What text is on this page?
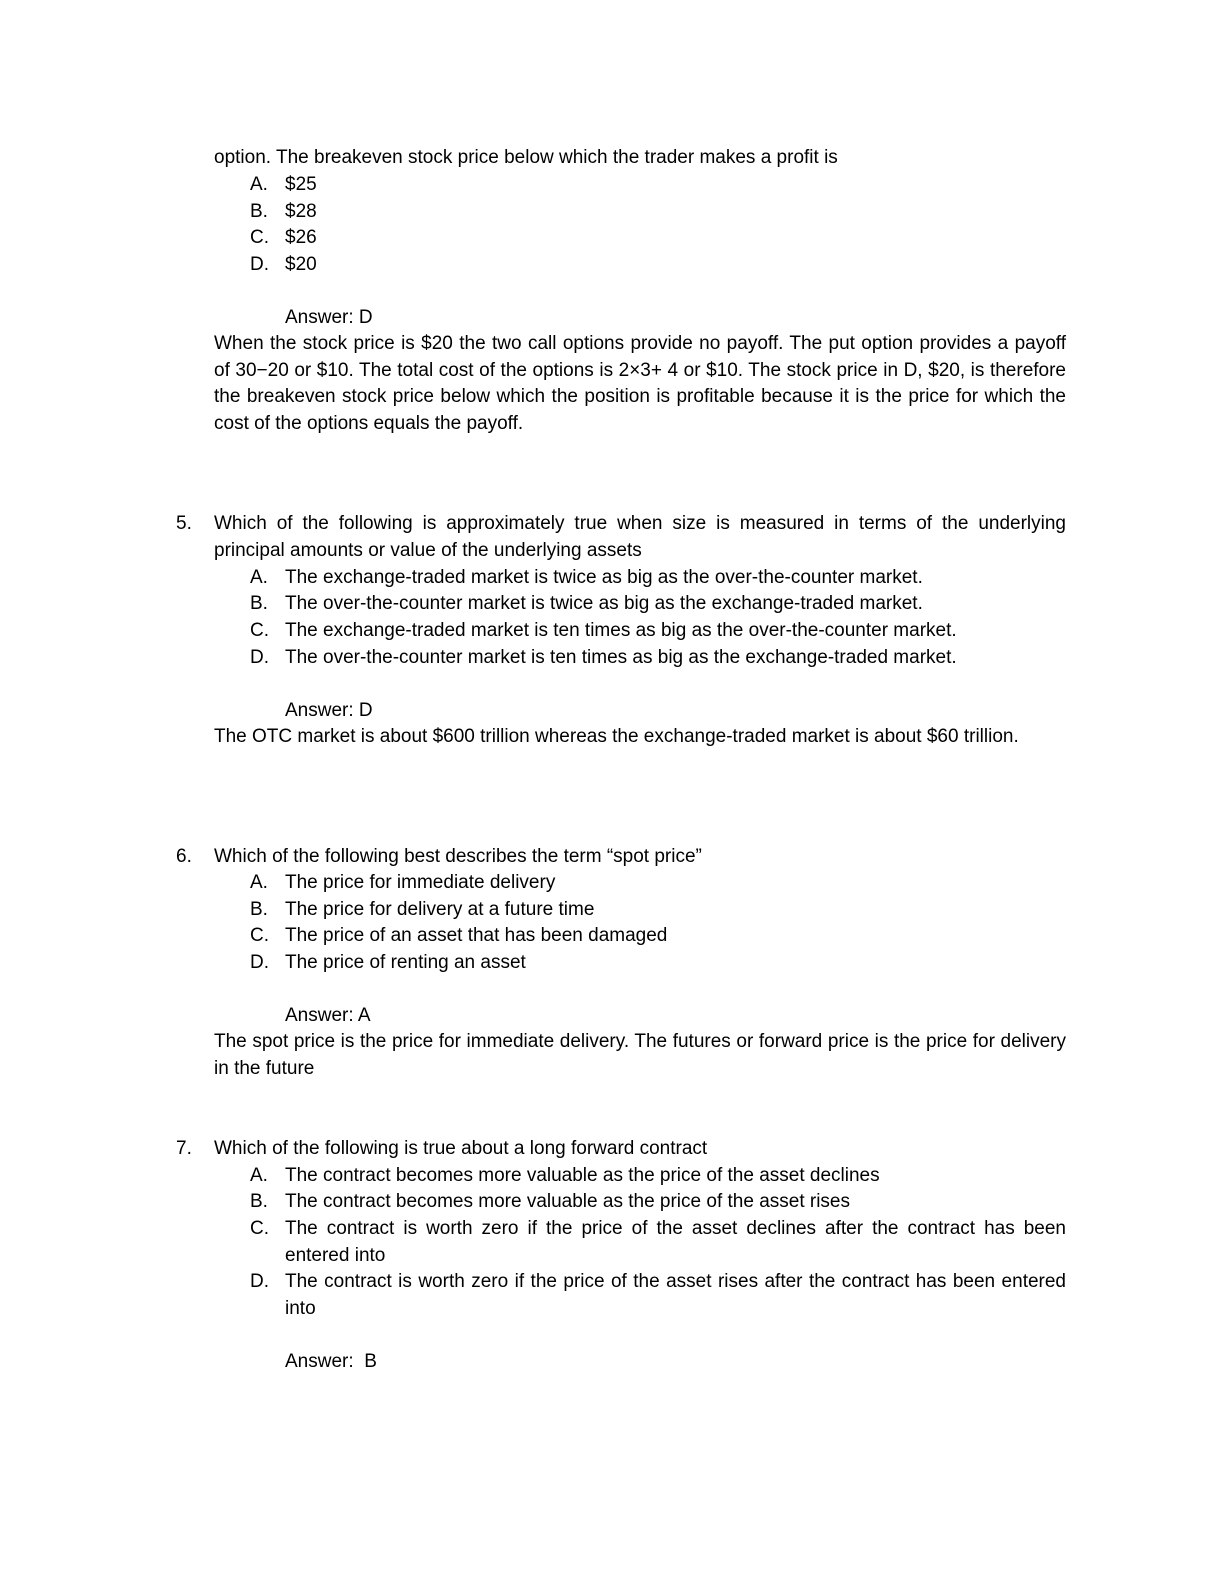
option. The breakeven stock price below which the trader makes a profit is
A. $25
B. $28
C. $26
D. $20
Answer: D
When the stock price is $20 the two call options provide no payoff. The put option provides a payoff of 30−20 or $10. The total cost of the options is 2×3+ 4 or $10. The stock price in D, $20, is therefore the breakeven stock price below which the position is profitable because it is the price for which the cost of the options equals the payoff.
5. Which of the following is approximately true when size is measured in terms of the underlying principal amounts or value of the underlying assets
A. The exchange-traded market is twice as big as the over-the-counter market.
B. The over-the-counter market is twice as big as the exchange-traded market.
C. The exchange-traded market is ten times as big as the over-the-counter market.
D. The over-the-counter market is ten times as big as the exchange-traded market.
Answer: D
The OTC market is about $600 trillion whereas the exchange-traded market is about $60 trillion.
6. Which of the following best describes the term “spot price”
A. The price for immediate delivery
B. The price for delivery at a future time
C. The price of an asset that has been damaged
D. The price of renting an asset
Answer: A
The spot price is the price for immediate delivery. The futures or forward price is the price for delivery in the future
7. Which of the following is true about a long forward contract
A. The contract becomes more valuable as the price of the asset declines
B. The contract becomes more valuable as the price of the asset rises
C. The contract is worth zero if the price of the asset declines after the contract has been entered into
D. The contract is worth zero if the price of the asset rises after the contract has been entered into
Answer:  B
